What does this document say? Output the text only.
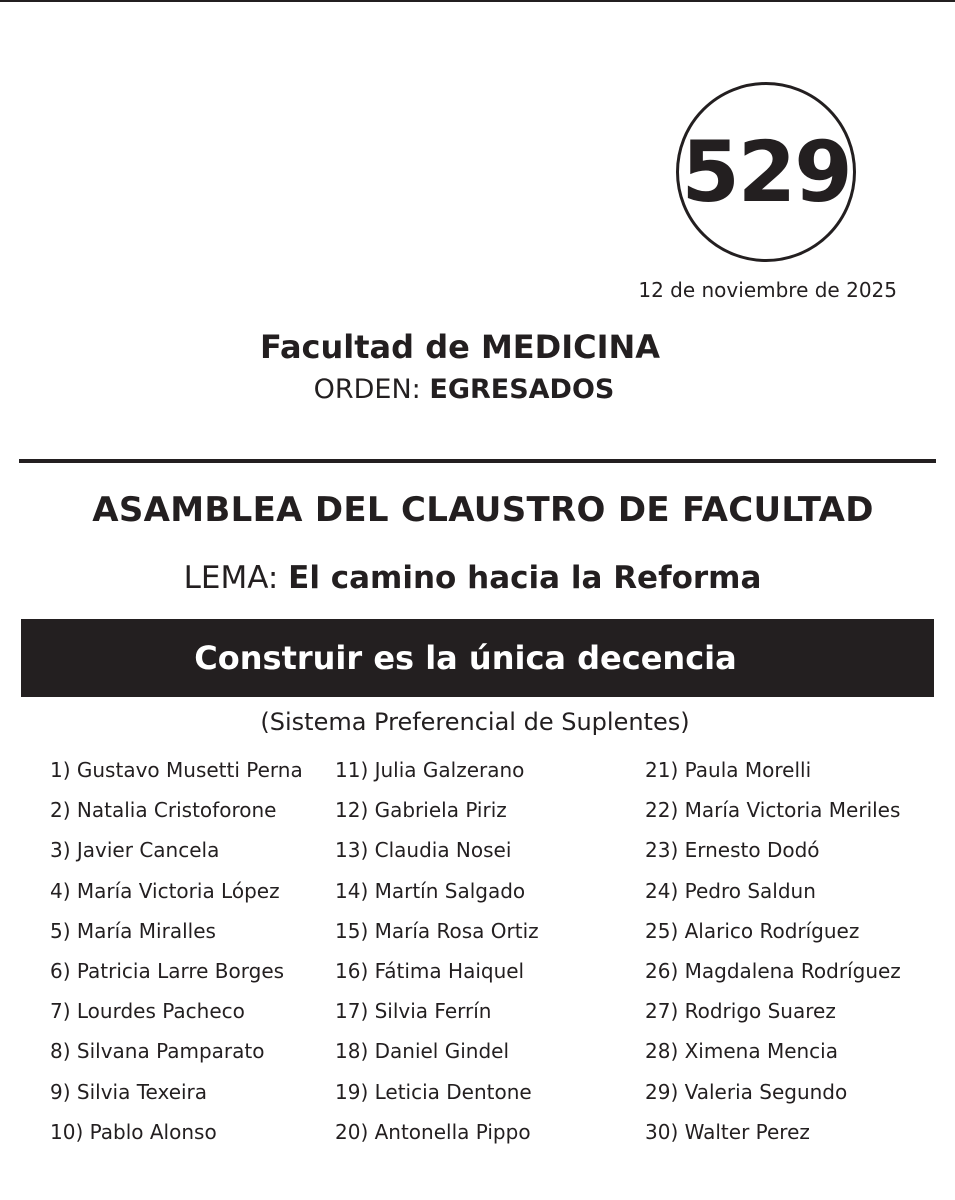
529
12 de noviembre de 2025
Facultad de MEDICINA
ORDEN: EGRESADOS
ASAMBLEA DEL CLAUSTRO DE FACULTAD
LEMA: El camino hacia la Reforma
Construir es la única decencia
(Sistema Preferencial de Suplentes)
1) Gustavo Musetti Perna
2) Natalia Cristoforone
3) Javier Cancela
4) María Victoria López
5) María Miralles
6) Patricia Larre Borges
7) Lourdes Pacheco
8) Silvana Pamparato
9) Silvia Texeira
10) Pablo Alonso
11) Julia Galzerano
12) Gabriela Piriz
13) Claudia Nosei
14) Martín Salgado
15) María Rosa Ortiz
16) Fátima Haiquel
17) Silvia Ferrín
18) Daniel Gindel
19) Leticia Dentone
20) Antonella Pippo
21) Paula Morelli
22) María Victoria Meriles
23) Ernesto Dodó
24) Pedro Saldun
25) Alarico Rodríguez
26) Magdalena Rodríguez
27) Rodrigo Suarez
28) Ximena Mencia
29) Valeria Segundo
30) Walter Perez
